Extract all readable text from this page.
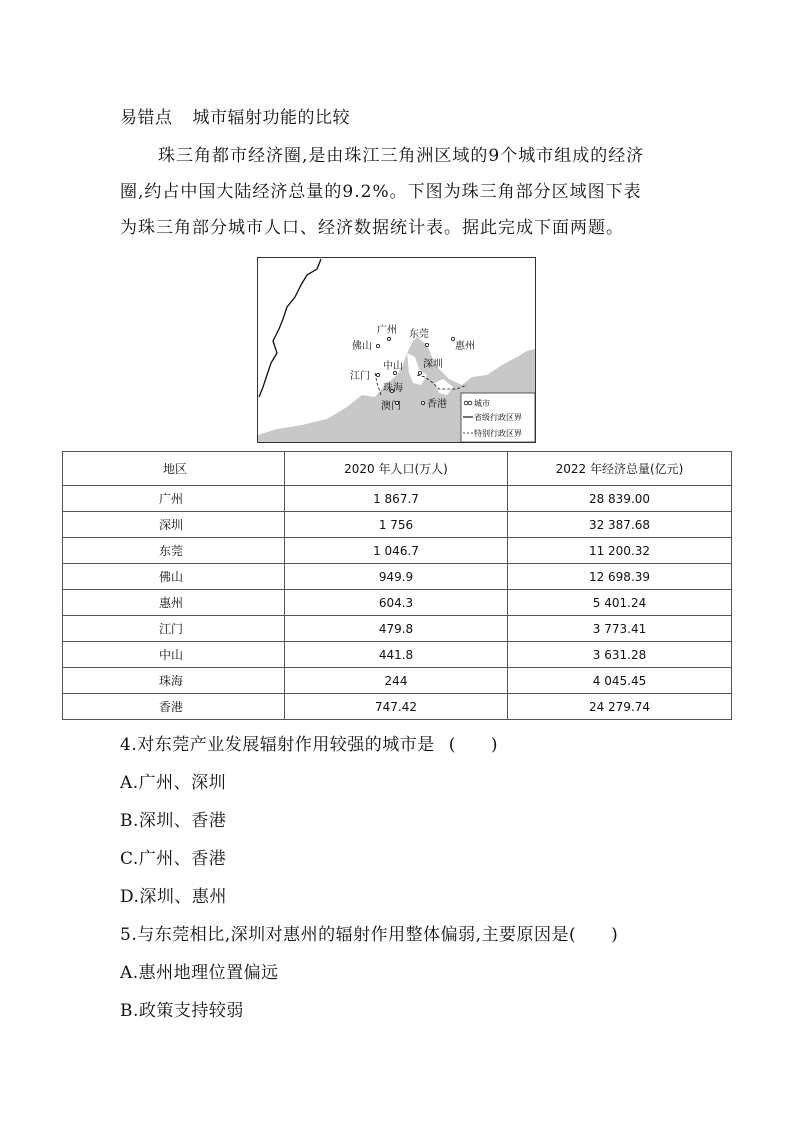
易错点 城市辐射功能的比较
珠三角都市经济圈,是由珠江三角洲区域的9个城市组成的经济
圈,约占中国大陆经济总量的9.2%。下图为珠三角部分区域图下表
为珠三角部分城市人口、经济数据统计表。据此完成下面两题。
广州 东莞
惠州
佛山
深圳
中山
江门
珠海
澳门	香港	城市
省级行政区界
特别行政区界
地区	2020 年人口(万人)	2022 年经济总量(亿元)
广州	1 867.7	28 839.00
深圳	1 756	32 387.68
东莞	1 046.7	11 200.32
佛山	949.9	12 698.39
惠州	604.3	5 401.24
江门	479.8	3 773.41
中山	441.8	3 631.28
珠海	244	4 045.45
香港	747.42	24 279.74
4.对东莞产业发展辐射作用较强的城市是 (　　)
A.广州、深圳
B.深圳、香港
C.广州、香港
D.深圳、惠州
5.与东莞相比,深圳对惠州的辐射作用整体偏弱,主要原因是(　　)
A.惠州地理位置偏远
B.政策支持较弱
